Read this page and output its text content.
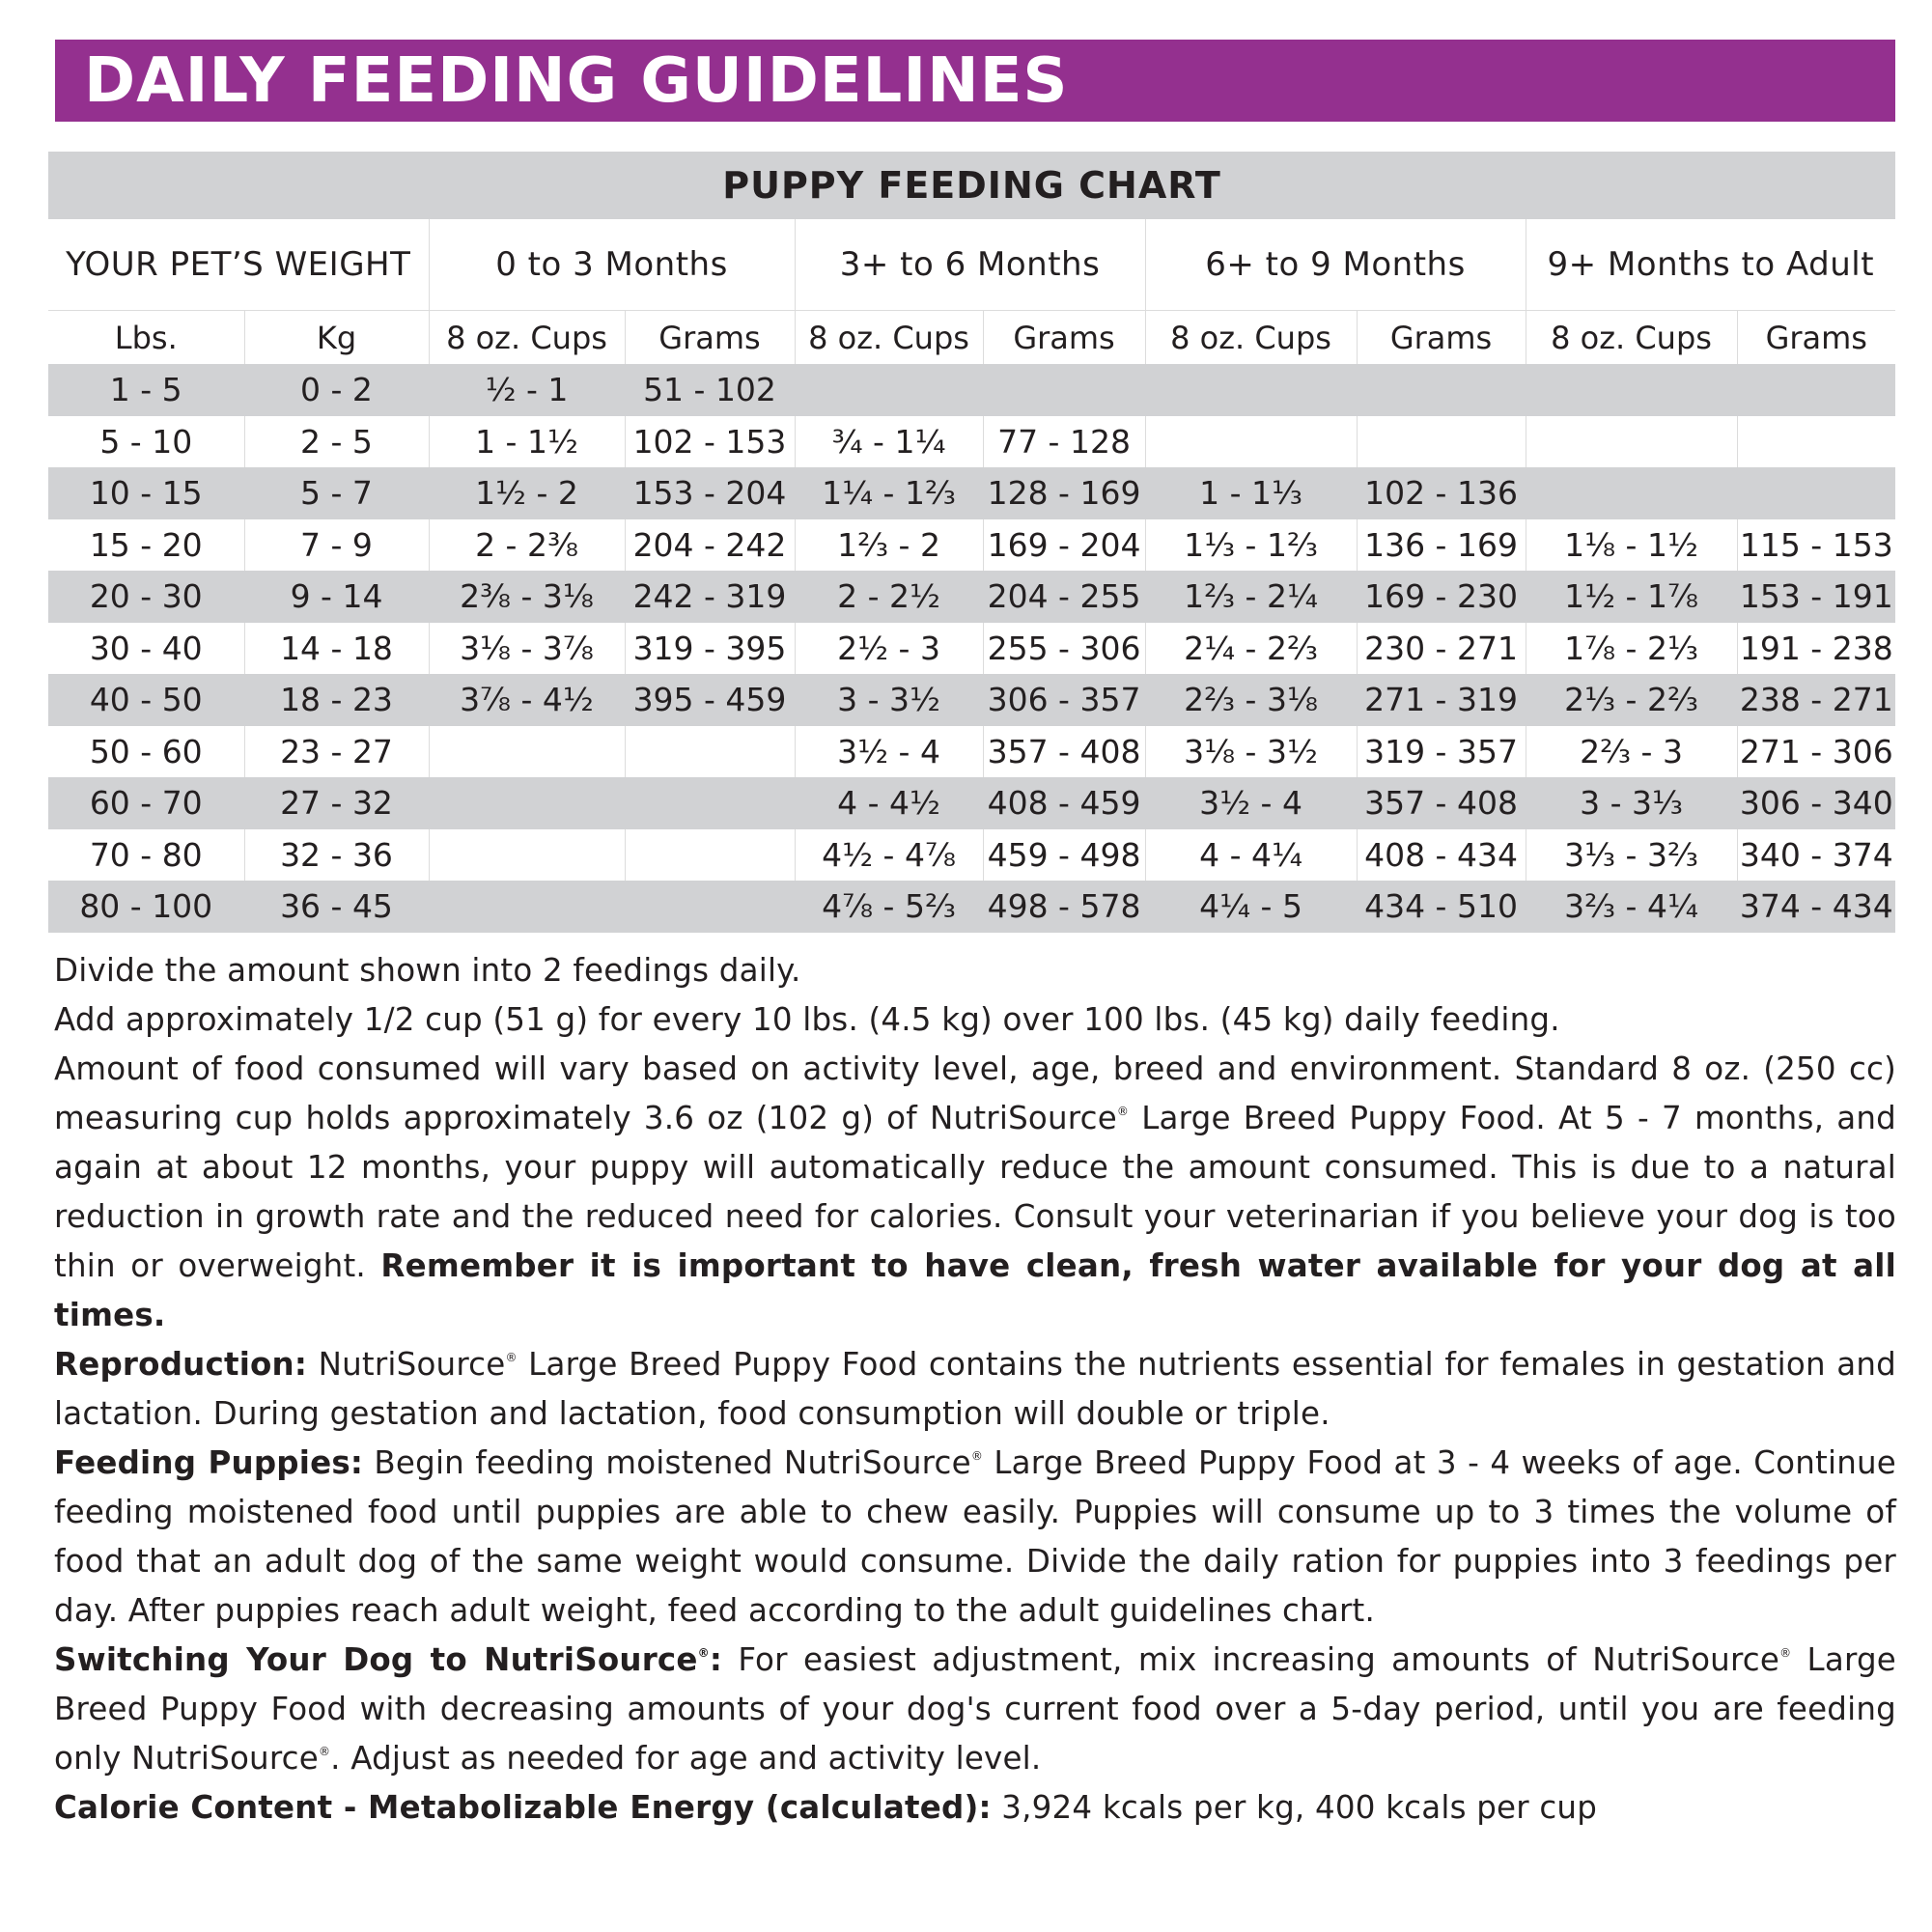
DAILY FEEDING GUIDELINES
PUPPY FEEDING CHART
YOUR PET’S WEIGHT		0 to 3 Months		3+ to 6 Months		6+ to 9 Months		9+ Months to Adult	
Lbs.	Kg	8 oz. Cups	Grams	8 oz. Cups	Grams	8 oz. Cups	Grams	8 oz. Cups	Grams
1 - 5	0 - 2	½ - 1	51 - 102						
5 - 10	2 - 5	1 - 1½	102 - 153	¾ - 1¼	77 - 128				
10 - 15	5 - 7	1½ - 2	153 - 204	1¼ - 1⅔	128 - 169	1 - 1⅓	102 - 136		
15 - 20	7 - 9	2 - 2⅜	204 - 242	1⅔ - 2	169 - 204	1⅓ - 1⅔	136 - 169	1⅛ - 1½	115 - 153
20 - 30	9 - 14	2⅜ - 3⅛	242 - 319	2 - 2½	204 - 255	1⅔ - 2¼	169 - 230	1½ - 1⅞	153 - 191
30 - 40	14 - 18	3⅛ - 3⅞	319 - 395	2½ - 3	255 - 306	2¼ - 2⅔	230 - 271	1⅞ - 2⅓	191 - 238
40 - 50	18 - 23	3⅞ - 4½	395 - 459	3 - 3½	306 - 357	2⅔ - 3⅛	271 - 319	2⅓ - 2⅔	238 - 271
50 - 60	23 - 27			3½ - 4	357 - 408	3⅛ - 3½	319 - 357	2⅔ - 3	271 - 306
60 - 70	27 - 32			4 - 4½	408 - 459	3½ - 4	357 - 408	3 - 3⅓	306 - 340
70 - 80	32 - 36			4½ - 4⅞	459 - 498	4 - 4¼	408 - 434	3⅓ - 3⅔	340 - 374
80 - 100	36 - 45			4⅞ - 5⅔	498 - 578	4¼ - 5	434 - 510	3⅔ - 4¼	374 - 434

Divide the amount shown into 2 feedings daily.

Add approximately 1/2 cup (51 g) for every 10 lbs. (4.5 kg) over 100 lbs. (45 kg) daily feeding.

Amount of food consumed will vary based on activity level, age, breed and environment. Standard 8 oz. (250 cc) measuring cup holds approximately 3.6 oz (102 g) of NutriSource® Large Breed Puppy Food. At 5 - 7 months, and again at about 12 months, your puppy will automatically reduce the amount consumed. This is due to a natural reduction in growth rate and the reduced need for calories. Consult your veterinarian if you believe your dog is too thin or overweight. Remember it is important to have clean, fresh water available for your dog at all times.

Reproduction: NutriSource® Large Breed Puppy Food contains the nutrients essential for females in gestation and lactation. During gestation and lactation, food consumption will double or triple.

Feeding Puppies: Begin feeding moistened NutriSource® Large Breed Puppy Food at 3 - 4 weeks of age. Continue feeding moistened food until puppies are able to chew easily. Puppies will consume up to 3 times the volume of food that an adult dog of the same weight would consume. Divide the daily ration for puppies into 3 feedings per day. After puppies reach adult weight, feed according to the adult guidelines chart.

Switching Your Dog to NutriSource®: For easiest adjustment, mix increasing amounts of NutriSource® Large Breed Puppy Food with decreasing amounts of your dog's current food over a 5-day period, until you are feeding only NutriSource®. Adjust as needed for age and activity level.

Calorie Content - Metabolizable Energy (calculated): 3,924 kcals per kg, 400 kcals per cup
